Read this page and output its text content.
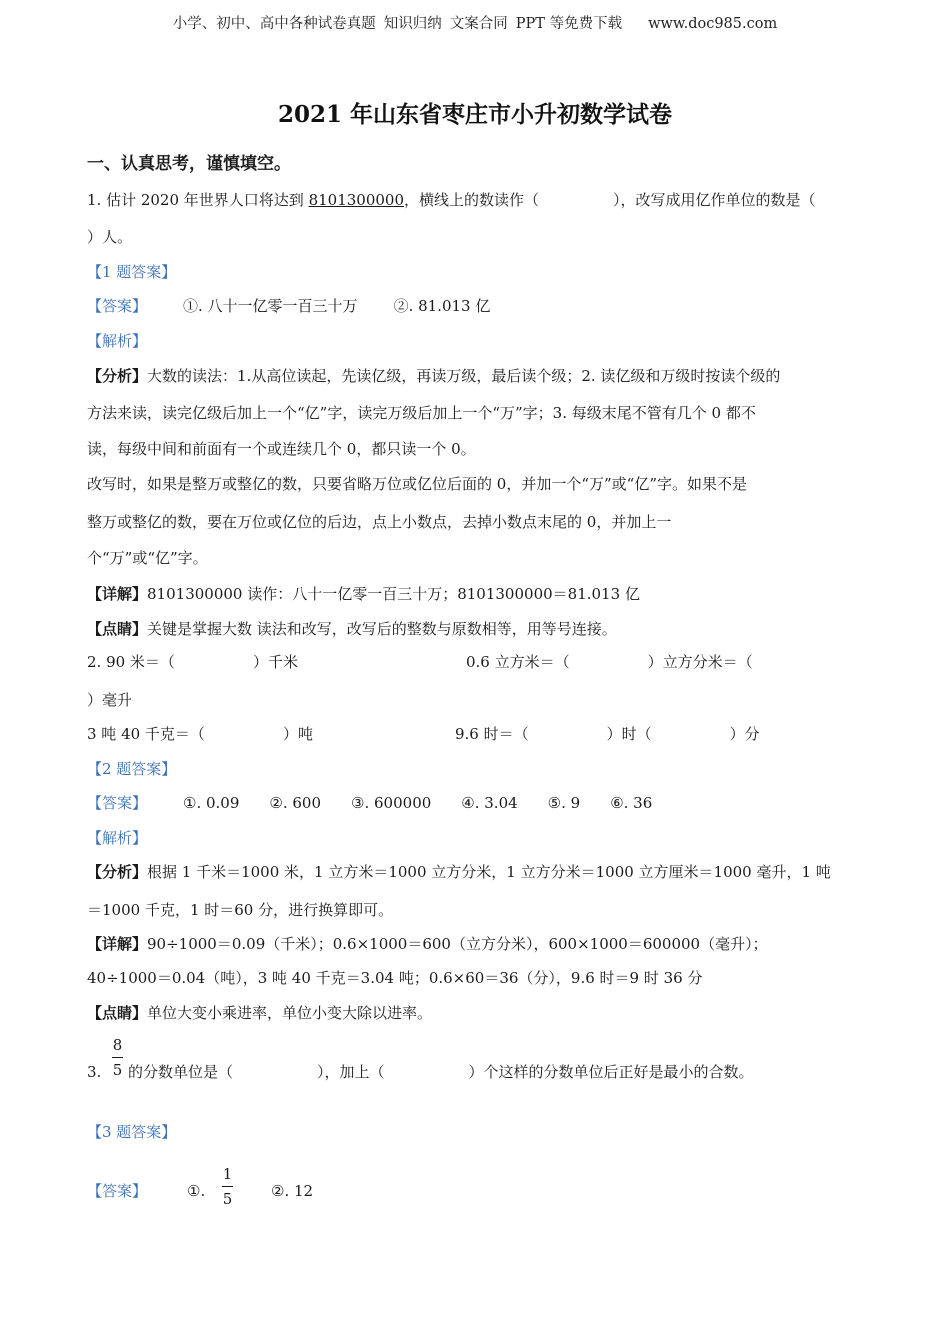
小学、初中、高中各种试卷真题 知识归纳 文案合同 PPT 等免费下载 www.doc985.com
2021 年山东省枣庄市小升初数学试卷
一、认真思考，谨慎填空。
1. 估计 2020 年世界人口将达到 8101300000，横线上的数读作（	），改写成用亿作单位的数是（
）人。
【1 题答案】
【答案】 ①. 八十一亿零一百三十万 ②. 81.013 亿
【解析】
【分析】大数的读法：1.从高位读起，先读亿级，再读万级，最后读个级；2. 读亿级和万级时按读个级的
方法来读，读完亿级后加上一个“亿”字，读完万级后加上一个“万”字；3. 每级末尾不管有几个 0 都不
读，每级中间和前面有一个或连续几个 0，都只读一个 0。
改写时，如果是整万或整亿的数，只要省略万位或亿位后面的 0，并加一个“万”或“亿”字。如果不是
整万或整亿的数，要在万位或亿位的后边，点上小数点，去掉小数点末尾的 0，并加上一
个“万”或“亿”字。
【详解】8101300000 读作：八十一亿零一百三十万；8101300000＝81.013 亿
【点睛】关键是掌握大数 读法和改写，改写后的整数与原数相等，用等号连接。
2. 90 米＝（	）千米	0.6 立方米＝（	）立方分米＝（
）毫升
3 吨 40 千克＝（	）吨	9.6 时＝（	）时（	）分
【2 题答案】
【答案】 ①. 0.09 ②. 600 ③. 600000 ④. 3.04 ⑤. 9 ⑥. 36
【解析】
【分析】根据 1 千米＝1000 米，1 立方米＝1000 立方分米，1 立方分米＝1000 立方厘米＝1000 毫升，1 吨
＝1000 千克，1 时＝60 分，进行换算即可。
【详解】90÷1000＝0.09（千米）；0.6×1000＝600（立方分米），600×1000＝600000（毫升）；
40÷1000＝0.04（吨），3 吨 40 千克＝3.04 吨；0.6×60＝36（分），9.6 时＝9 时 36 分
【点睛】单位大变小乘进率，单位小变大除以进率。
3.
8
5 的分数单位是（	），加上（	）个这样的分数单位后正好是最小的合数。
【3 题答案】
【答案】	①.
1
5	②. 12
